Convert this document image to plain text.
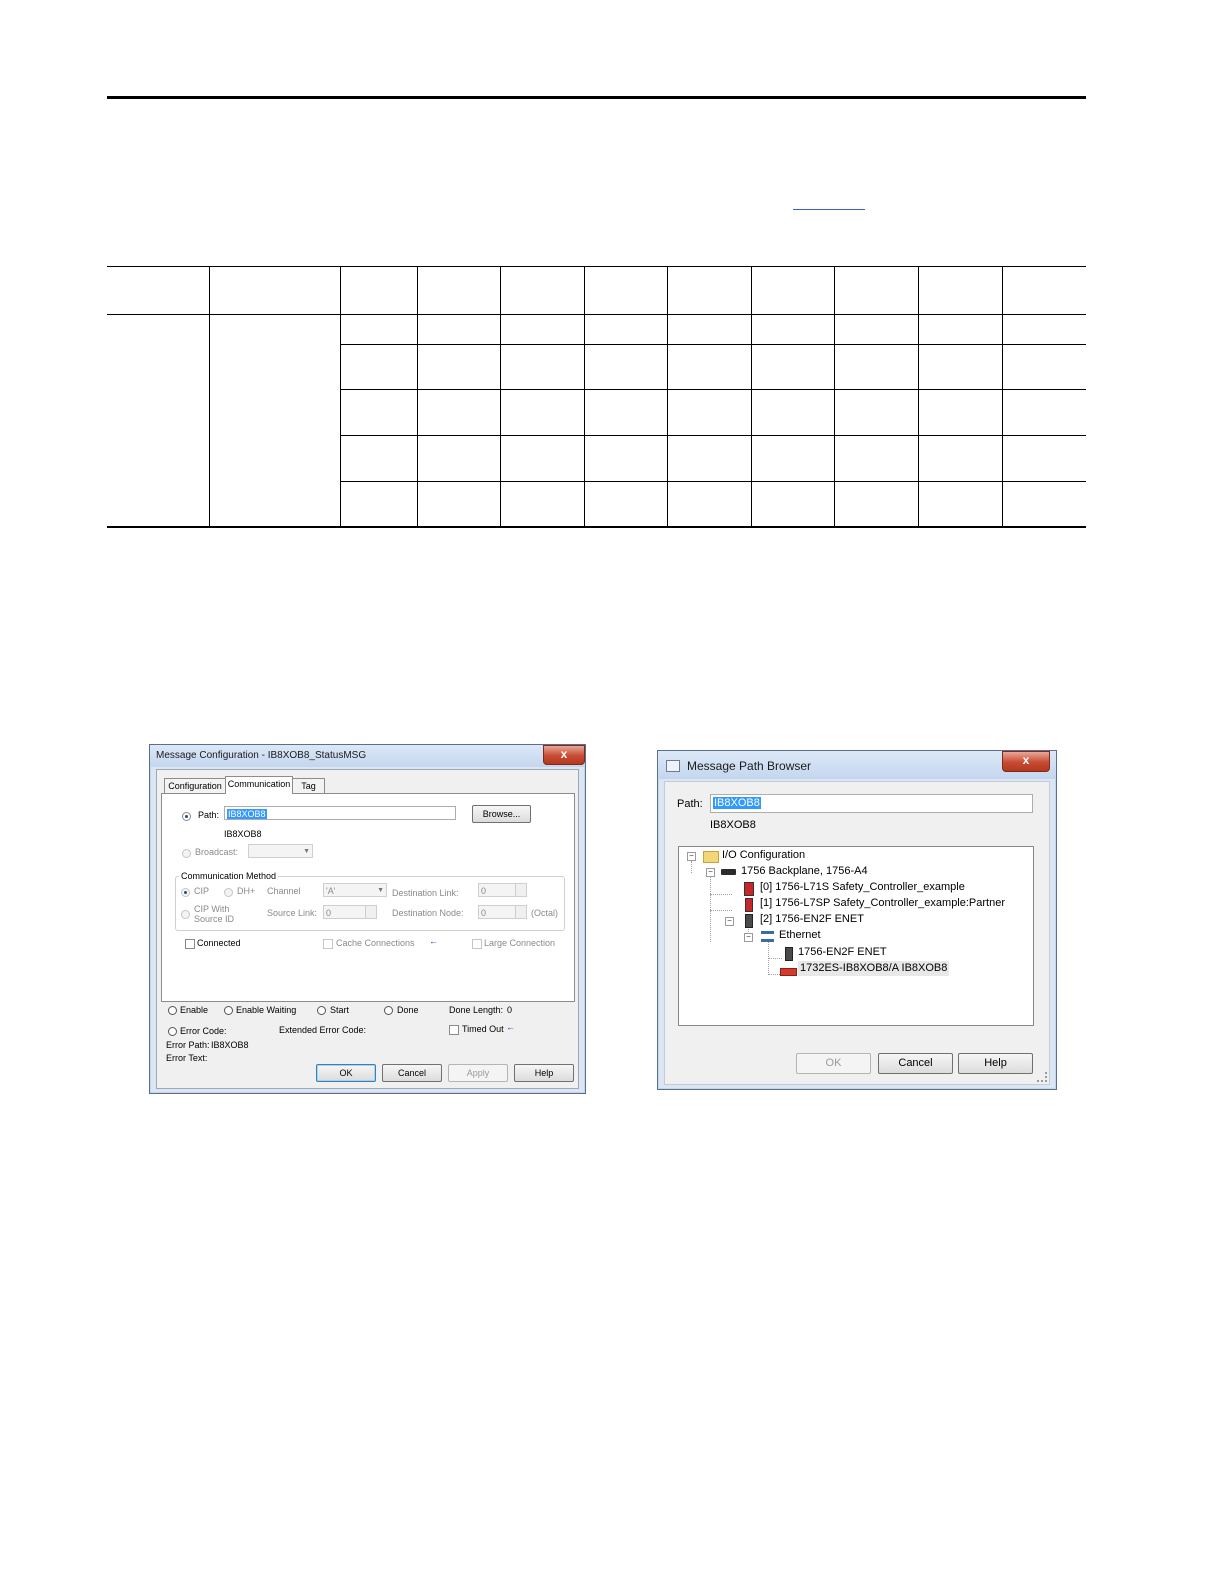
Message Configuration - IB8XOB8_StatusMSG	x
Configuration Communication	Tag
Path: IB8XOB8	Browse...
IB8XOB8
Broadcast:	▼
Communication Method
CIP	DH+ Channel	'A'	▼ Destination Link:	0
CIP With
Source ID
Source Link: 0	Destination Node:	0	(Octal)
Connected	Cache Connections ←	Large Connection
Enable	Enable Waiting	Start	Done	Done Length: 0
Error Code:	Extended Error Code:	Timed Out ←
Error Path: IB8XOB8
Error Text:
OK	Cancel	Apply	Help
Message Path Browser	x
Path:	IB8XOB8
IB8XOB8
−	I/O Configuration
−	1756 Backplane, 1756-A4
[0] 1756-L71S Safety_Controller_example
[1] 1756-L7SP Safety_Controller_example:Partner
−	[2] 1756-EN2F ENET
−	Ethernet
1756-EN2F ENET
1732ES-IB8XOB8/A IB8XOB8
OK	Cancel	Help
